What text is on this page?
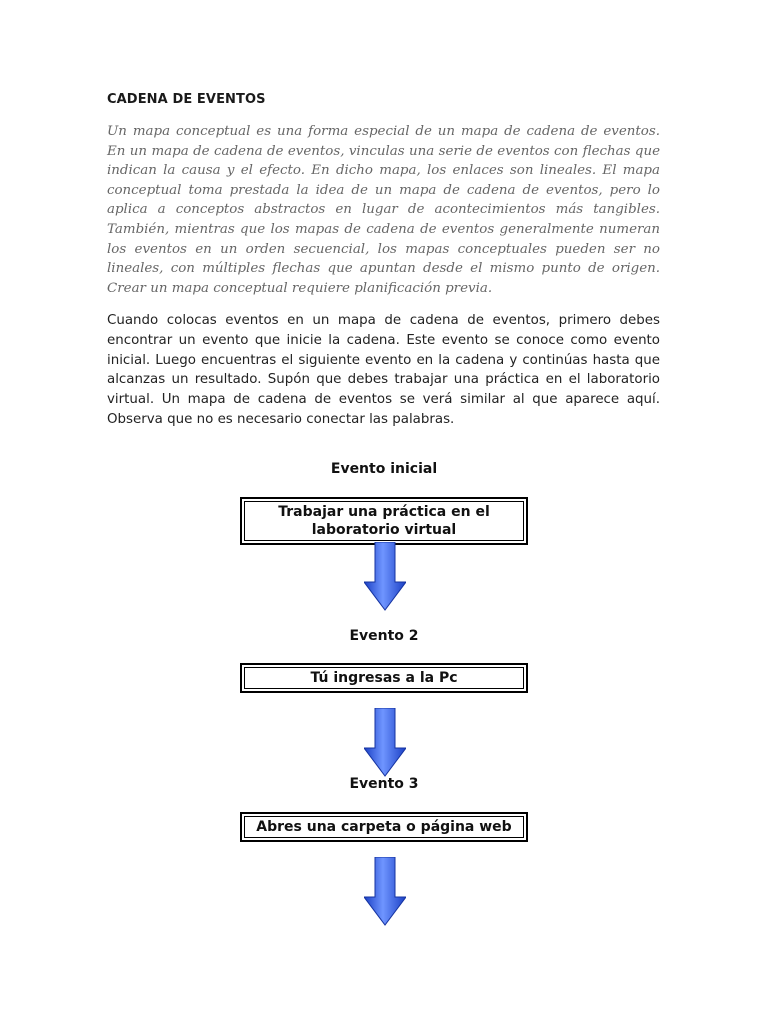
CADENA DE EVENTOS

Un mapa conceptual es una forma especial de un mapa de cadena de eventos. En un mapa de cadena de eventos, vinculas una serie de eventos con flechas que indican la causa y el efecto. En dicho mapa, los enlaces son lineales. El mapa conceptual toma prestada la idea de un mapa de cadena de eventos, pero lo aplica a conceptos abstractos en lugar de acontecimientos más tangibles. También, mientras que los mapas de cadena de eventos generalmente numeran los eventos en un orden secuencial, los mapas conceptuales pueden ser no lineales, con múltiples flechas que apuntan desde el mismo punto de origen. Crear un mapa conceptual requiere planificación previa.

Cuando colocas eventos en un mapa de cadena de eventos, primero debes encontrar un evento que inicie la cadena. Este evento se conoce como evento inicial. Luego encuentras el siguiente evento en la cadena y continúas hasta que alcanzas un resultado. Supón que debes trabajar una práctica en el laboratorio virtual. Un mapa de cadena de eventos se verá similar al que aparece aquí. Observa que no es necesario conectar las palabras.

Evento inicial
Trabajar una práctica en el
laboratorio virtual
Evento 2
Tú ingresas a la Pc
Evento 3
Abres una carpeta o página web
